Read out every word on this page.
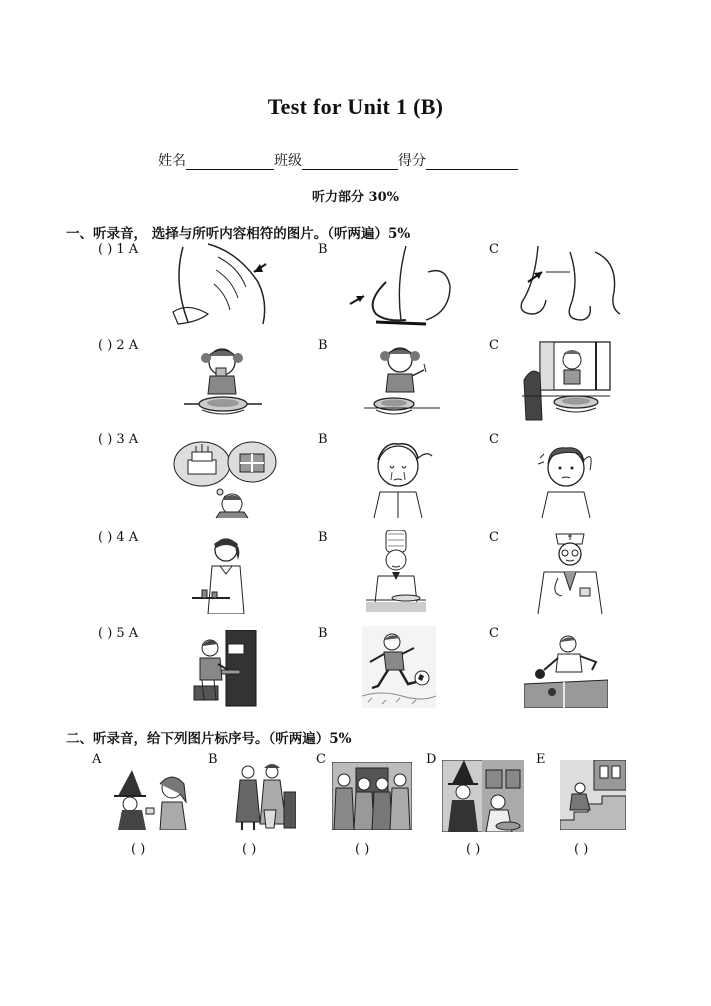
Test for Unit 1 (B)
姓名	班级	得分
听力部分 30%
一、听录音， 选择与所听内容相符的图片。（听两遍）5%
( ) 1 A	B	C
( ) 2 A	B	C
( ) 3 A	B	C
( ) 4 A	B	C
( ) 5 A	B	C
二、听录音，给下列图片标序号。（听两遍）5%
A	B	C	D	E
( )	( )	( )	( )	( )
